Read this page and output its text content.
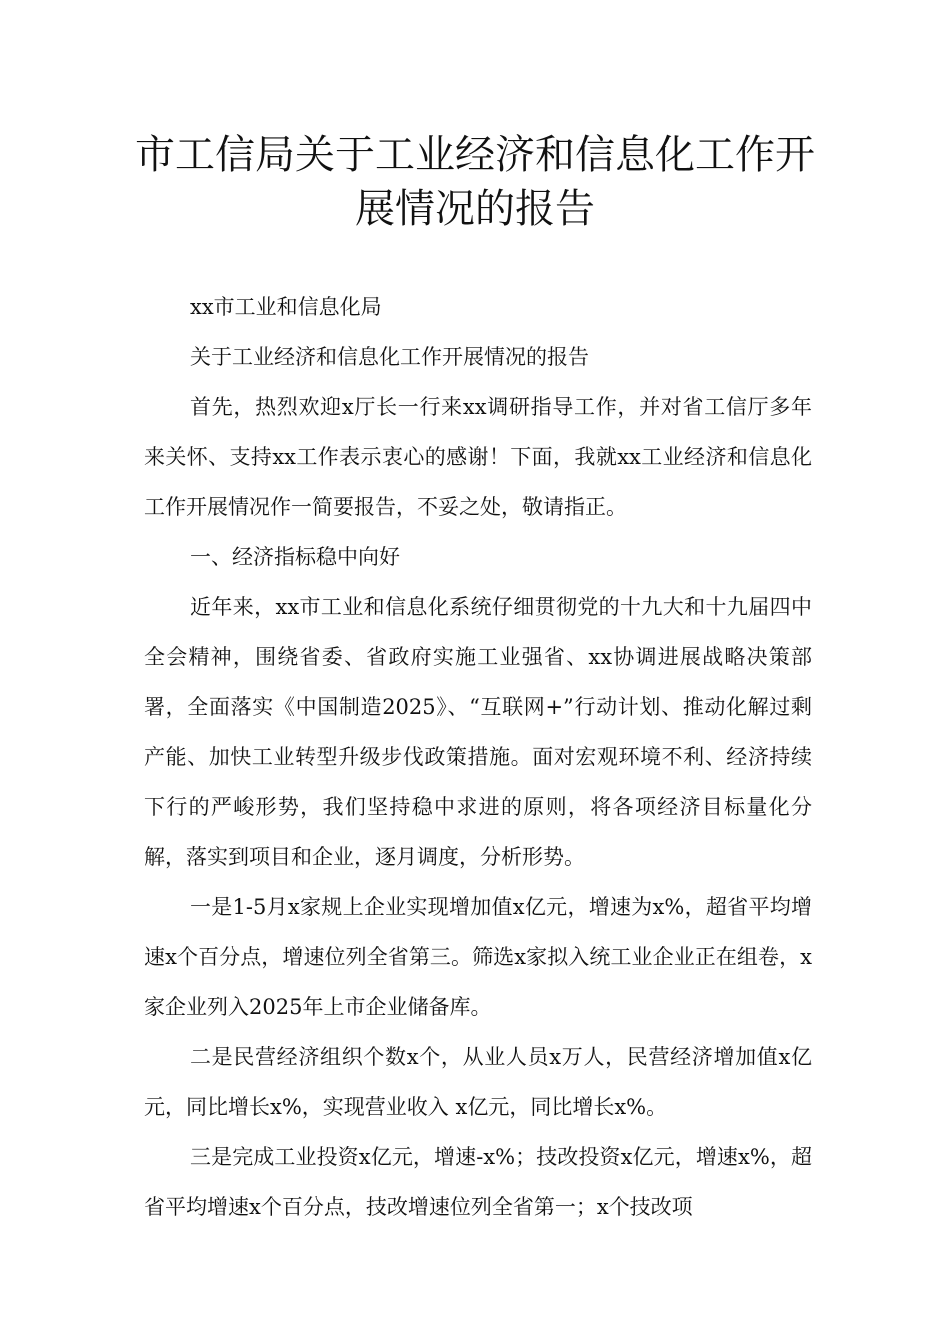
市工信局关于工业经济和信息化工作开展情况的报告

xx市工业和信息化局

关于工业经济和信息化工作开展情况的报告

首先，热烈欢迎x厅长一行来xx调研指导工作，并对省工信厅多年来关怀、支持xx工作表示衷心的感谢！下面，我就xx工业经济和信息化工作开展情况作一简要报告，不妥之处，敬请指正。

一、经济指标稳中向好

近年来，xx市工业和信息化系统仔细贯彻党的十九大和十九届四中全会精神，围绕省委、省政府实施工业强省、xx协调进展战略决策部署，全面落实《中国制造2025》、“互联网+”行动计划、推动化解过剩产能、加快工业转型升级步伐政策措施。面对宏观环境不利、经济持续下行的严峻形势，我们坚持稳中求进的原则，将各项经济目标量化分解，落实到项目和企业，逐月调度，分析形势。

一是1-5月x家规上企业实现增加值x亿元，增速为x%，超省平均增速x个百分点，增速位列全省第三。筛选x家拟入统工业企业正在组卷，x家企业列入2025年上市企业储备库。

二是民营经济组织个数x个，从业人员x万人，民营经济增加值x亿元，同比增长x%，实现营业收入 x亿元，同比增长x%。

三是完成工业投资x亿元，增速-x%；技改投资x亿元，增速x%，超省平均增速x个百分点，技改增速位列全省第一；x个技改项
